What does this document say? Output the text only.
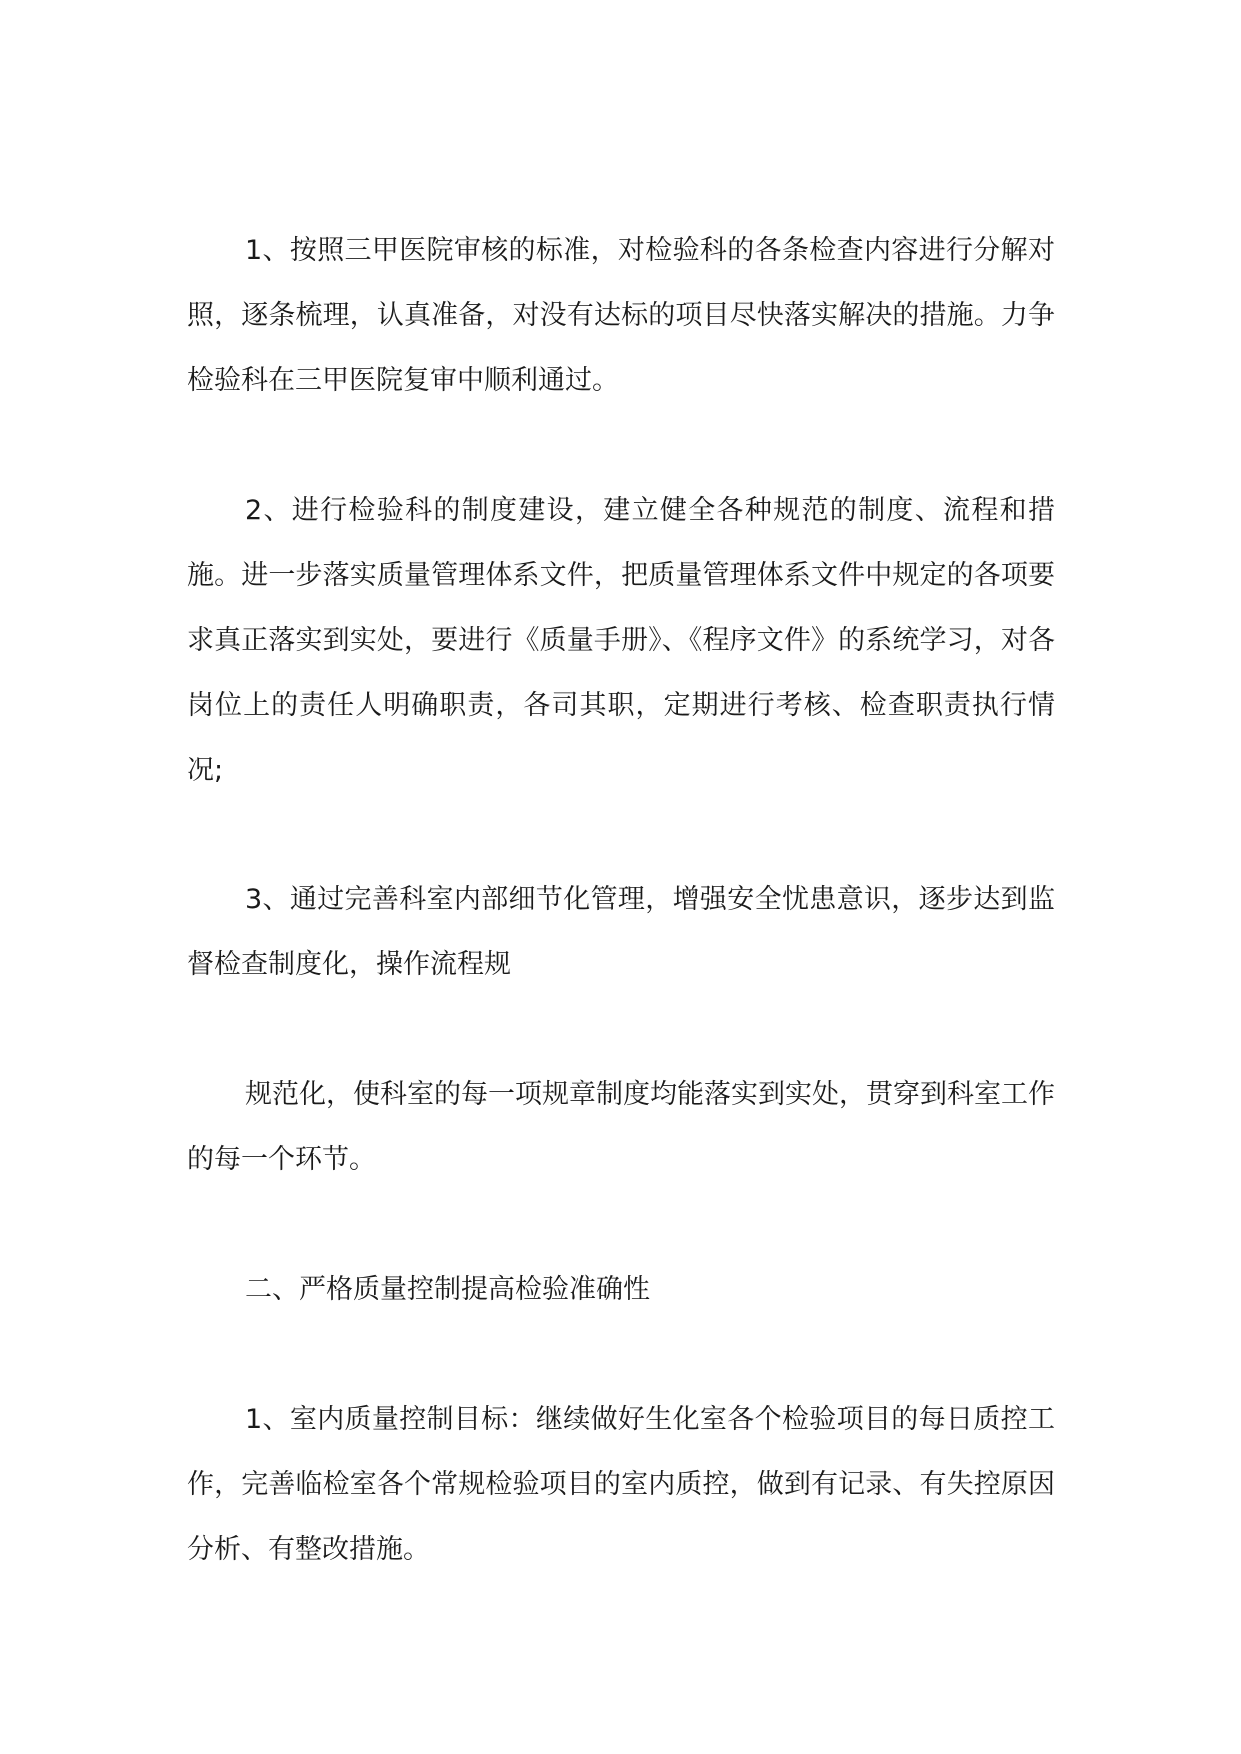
1、按照三甲医院审核的标准，对检验科的各条检查内容进行分解对照，逐条梳理，认真准备，对没有达标的项目尽快落实解决的措施。力争检验科在三甲医院复审中顺利通过。

2、进行检验科的制度建设，建立健全各种规范的制度、流程和措施。进一步落实质量管理体系文件，把质量管理体系文件中规定的各项要求真正落实到实处，要进行《质量手册》、《程序文件》的系统学习，对各岗位上的责任人明确职责，各司其职，定期进行考核、检查职责执行情况;

3、通过完善科室内部细节化管理，增强安全忧患意识，逐步达到监督检查制度化，操作流程规

规范化，使科室的每一项规章制度均能落实到实处，贯穿到科室工作的每一个环节。

二、严格质量控制提高检验准确性

1、室内质量控制目标：继续做好生化室各个检验项目的每日质控工作，完善临检室各个常规检验项目的室内质控，做到有记录、有失控原因分析、有整改措施。
